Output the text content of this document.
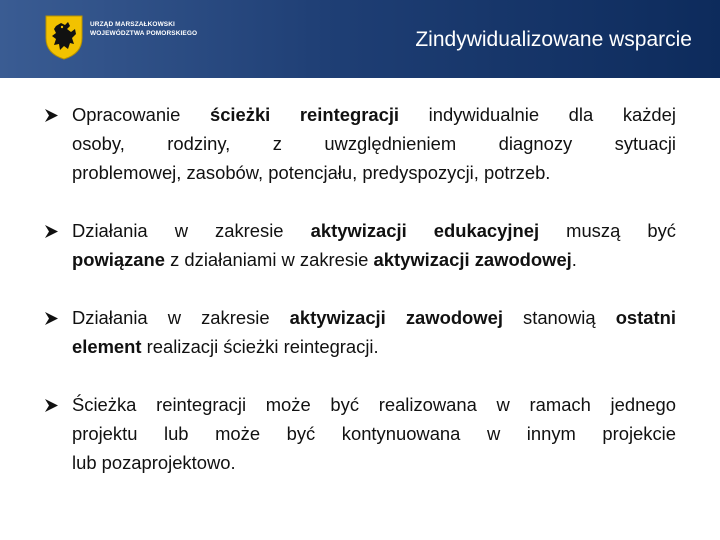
URZĄD MARSZAŁKOWSKI
WOJEWÓDZTWA POMORSKIEGO	Zindywidualizowane wsparcie
Opracowanie ścieżki reintegracji indywidualnie dla każdej
osoby, rodziny, z uwzględnieniem diagnozy sytuacji
problemowej, zasobów, potencjału, predyspozycji, potrzeb.
Działania w zakresie aktywizacji edukacyjnej muszą być
powiązane z działaniami w zakresie aktywizacji zawodowej.
Działania w zakresie aktywizacji zawodowej stanowią ostatni
element realizacji ścieżki reintegracji.
Ścieżka reintegracji może być realizowana w ramach jednego
projektu lub może być kontynuowana w innym projekcie
lub pozaprojektowo.
